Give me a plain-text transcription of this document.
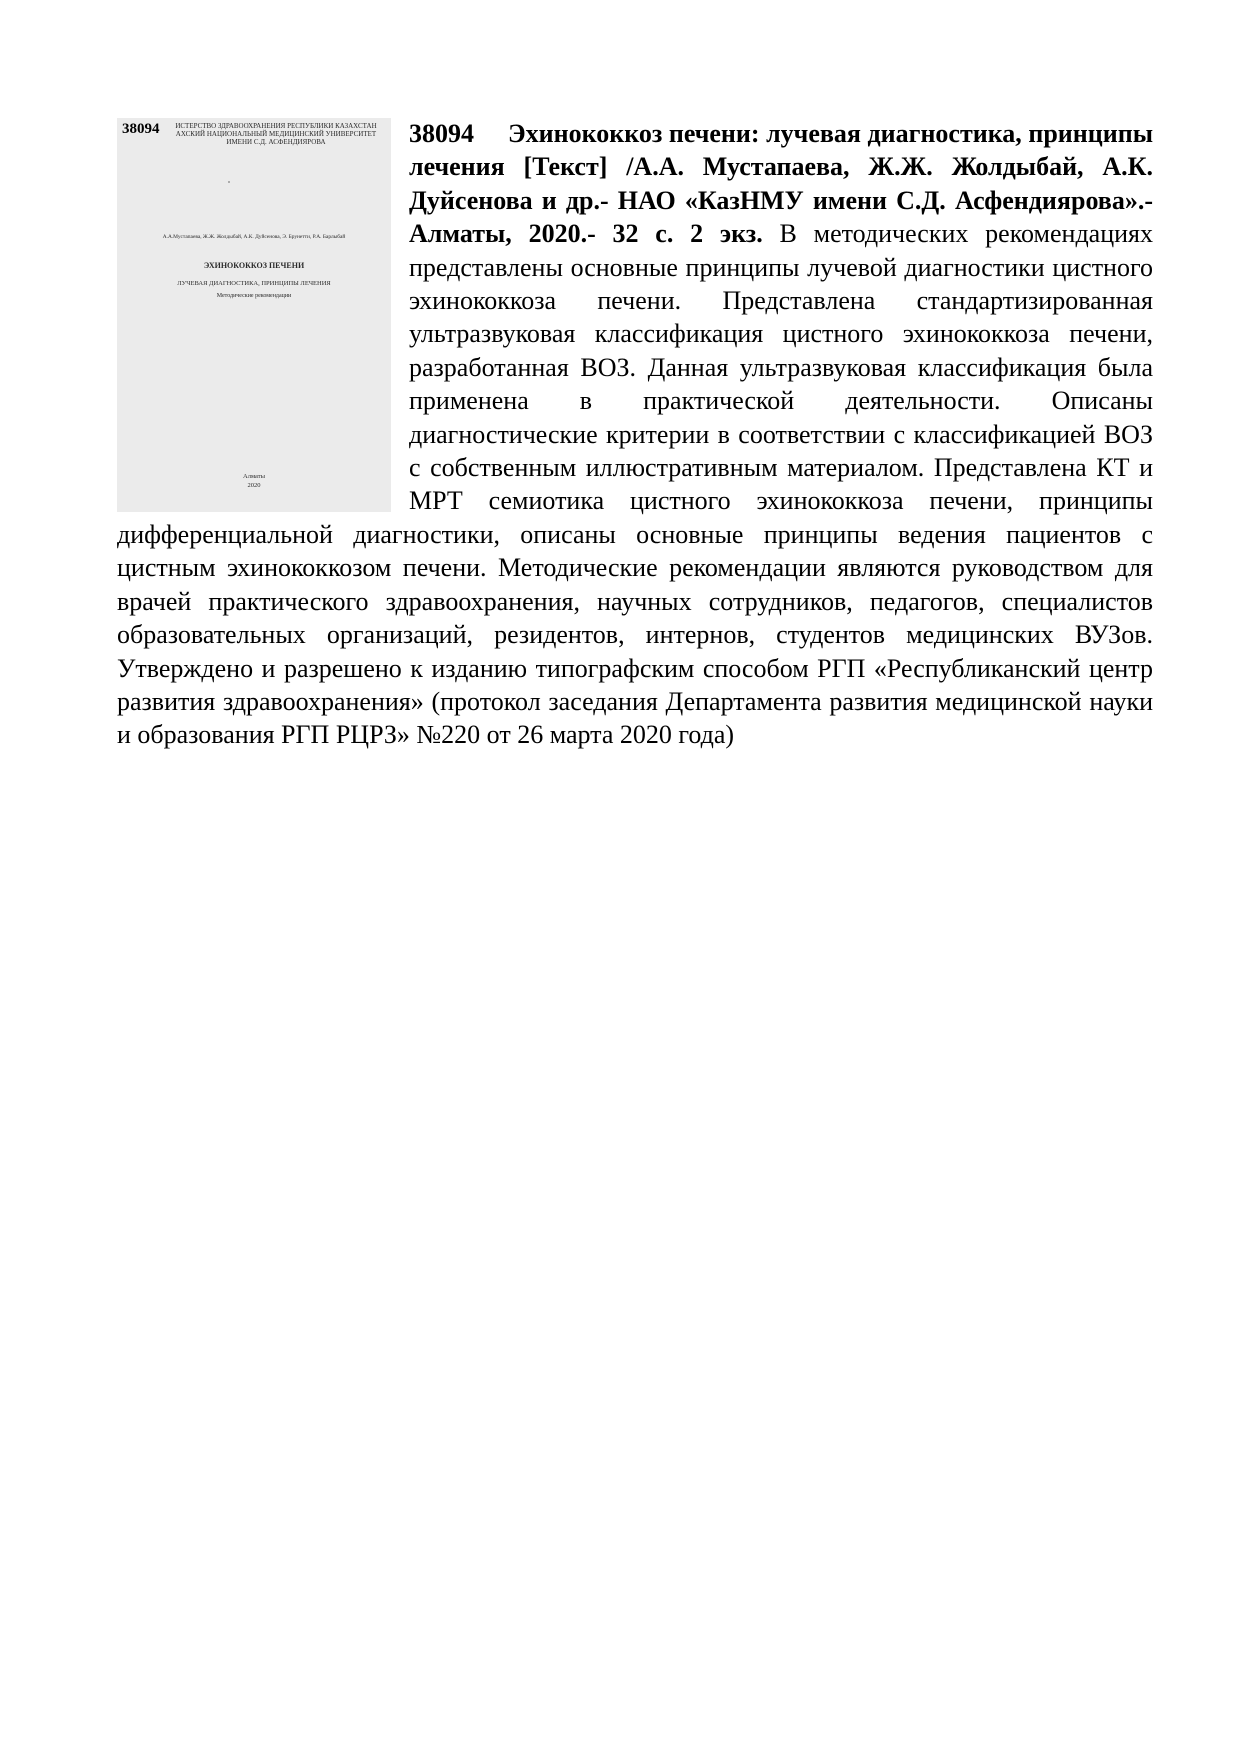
38094	ИСТЕРСТВО ЗДРАВООХРАНЕНИЯ РЕСПУБЛИКИ КАЗАХСТАН АХСКИЙ НАЦИОНАЛЬНЫЙ МЕДИЦИНСКИЙ УНИВЕРСИТЕТ ИМЕНИ С.Д. АСФЕНДИЯРОВА
А.А.Мустапаева, Ж.Ж. Жолдыбай, А.К. Дуйсенова, Э. Брунетти, Р.А. Барлыбай
ЭХИНОКОККОЗ ПЕЧЕНИ
ЛУЧЕВАЯ ДИАГНОСТИКА, ПРИНЦИПЫ ЛЕЧЕНИЯ
Методические рекомендации
Алматы
2020
38094 Эхинококкоз печени: лучевая диагностика, принципы лечения [Текст] /А.А. Мустапаева, Ж.Ж. Жолдыбай, А.К. Дуйсенова и др.- НАО «КазНМУ имени С.Д. Асфендиярова».- Алматы, 2020.- 32 с. 2 экз. В методических рекомендациях представлены основные принципы лучевой диагностики цистного эхинококкоза печени. Представлена стандартизированная ультразвуковая классификация цистного эхинококкоза печени, разработанная ВОЗ. Данная ультразвуковая классификация была применена в практической деятельности. Описаны диагностические критерии в соответствии с классификацией ВОЗ с собственным иллюстративным материалом. Представлена КТ и МРТ семиотика цистного эхинококкоза печени, принципы дифференциальной диагностики, описаны основные принципы ведения пациентов с цистным эхинококкозом печени. Методические рекомендации являются руководством для врачей практического здравоохранения, научных сотрудников, педагогов, специалистов образовательных организаций, резидентов, интернов, студентов медицинских ВУЗов. Утверждено и разрешено к изданию типографским способом РГП «Республиканский центр развития здравоохранения» (протокол заседания Департамента развития медицинской науки и образования РГП РЦРЗ» №220 от 26 марта 2020 года)
